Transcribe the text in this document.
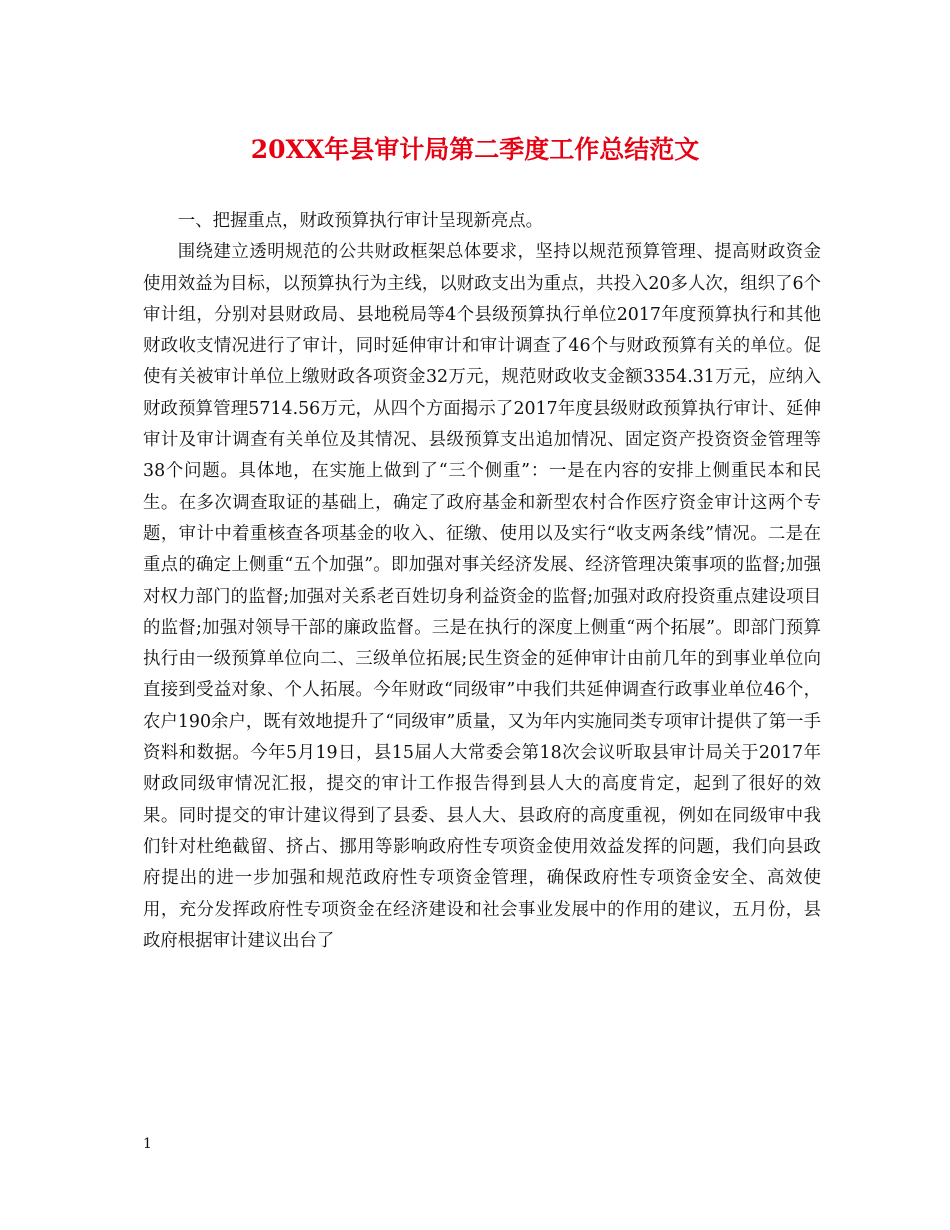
20XX年县审计局第二季度工作总结范文

一、把握重点，财政预算执行审计呈现新亮点。

围绕建立透明规范的公共财政框架总体要求，坚持以规范预算管理、提高财政资金使用效益为目标，以预算执行为主线，以财政支出为重点，共投入20多人次，组织了6个审计组，分别对县财政局、县地税局等4个县级预算执行单位2017年度预算执行和其他财政收支情况进行了审计，同时延伸审计和审计调查了46个与财政预算有关的单位。促使有关被审计单位上缴财政各项资金32万元，规范财政收支金额3354.31万元，应纳入财政预算管理5714.56万元，从四个方面揭示了2017年度县级财政预算执行审计、延伸审计及审计调查有关单位及其情况、县级预算支出追加情况、固定资产投资资金管理等38个问题。具体地，在实施上做到了“三个侧重”：一是在内容的安排上侧重民本和民生。在多次调查取证的基础上，确定了政府基金和新型农村合作医疗资金审计这两个专题，审计中着重核查各项基金的收入、征缴、使用以及实行“收支两条线”情况。二是在重点的确定上侧重“五个加强”。即加强对事关经济发展、经济管理决策事项的监督;加强对权力部门的监督;加强对关系老百姓切身利益资金的监督;加强对政府投资重点建设项目的监督;加强对领导干部的廉政监督。三是在执行的深度上侧重“两个拓展”。即部门预算执行由一级预算单位向二、三级单位拓展;民生资金的延伸审计由前几年的到事业单位向直接到受益对象、个人拓展。今年财政“同级审”中我们共延伸调查行政事业单位46个，农户190余户，既有效地提升了“同级审”质量，又为年内实施同类专项审计提供了第一手资料和数据。今年5月19日，县15届人大常委会第18次会议听取县审计局关于2017年财政同级审情况汇报，提交的审计工作报告得到县人大的高度肯定，起到了很好的效果。同时提交的审计建议得到了县委、县人大、县政府的高度重视，例如在同级审中我们针对杜绝截留、挤占、挪用等影响政府性专项资金使用效益发挥的问题，我们向县政府提出的进一步加强和规范政府性专项资金管理，确保政府性专项资金安全、高效使用，充分发挥政府性专项资金在经济建设和社会事业发展中的作用的建议，五月份，县政府根据审计建议出台了

1
